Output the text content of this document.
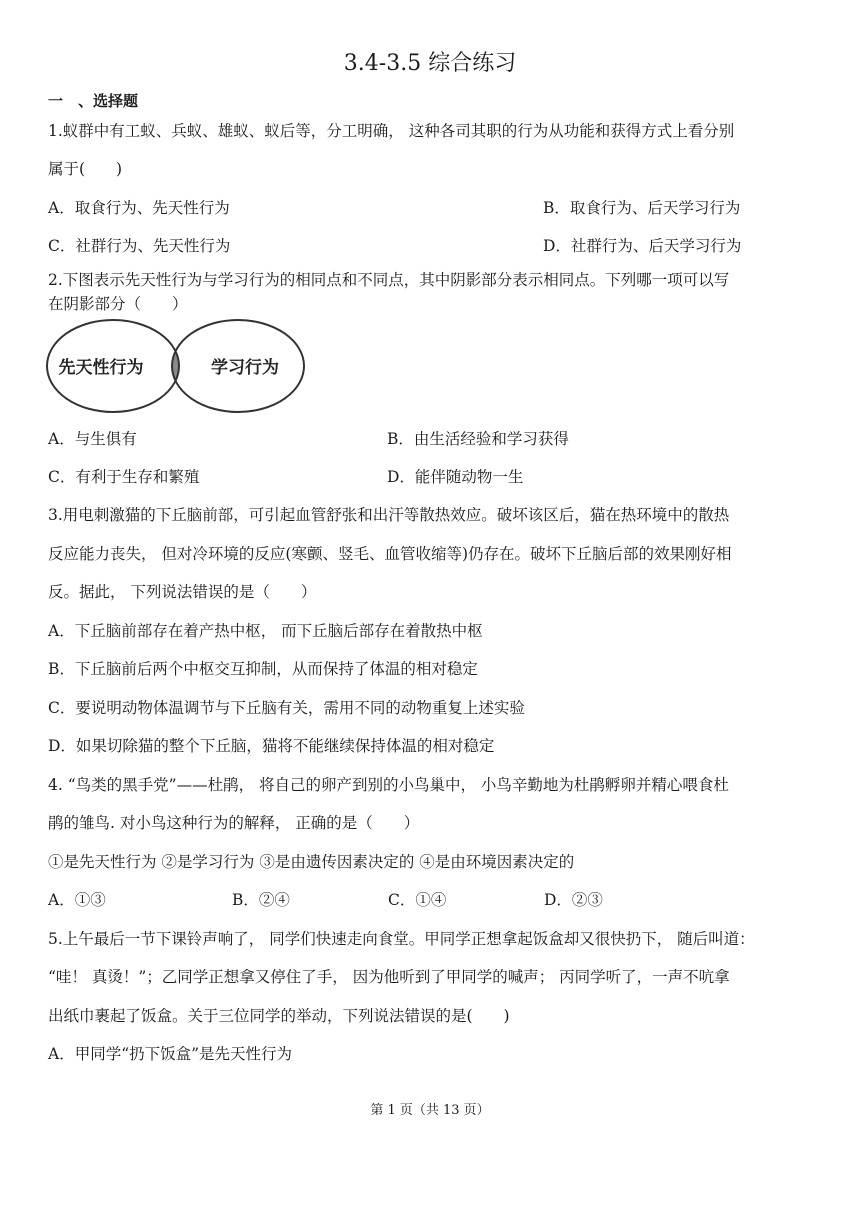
3.4-3.5 综合练习
一　、选择题
1.蚁群中有工蚁、兵蚁、雄蚁、蚁后等，分工明确， 这种各司其职的行为从功能和获得方式上看分别
属于(　　)
A．取食行为、先天性行为	B．取食行为、后天学习行为
C．社群行为、先天性行为	D．社群行为、后天学习行为
2.下图表示先天性行为与学习行为的相同点和不同点，其中阴影部分表示相同点。下列哪一项可以写
在阴影部分（　　）
先天性行为	学习行为
A．与生俱有	B．由生活经验和学习获得
C．有利于生存和繁殖	D．能伴随动物一生
3.用电刺激猫的下丘脑前部，可引起血管舒张和出汗等散热效应。破坏该区后，猫在热环境中的散热
反应能力丧失， 但对冷环境的反应(寒颤、竖毛、血管收缩等)仍存在。破坏下丘脑后部的效果刚好相
反。据此， 下列说法错误的是（　　）
A．下丘脑前部存在着产热中枢， 而下丘脑后部存在着散热中枢
B．下丘脑前后两个中枢交互抑制，从而保持了体温的相对稳定
C．要说明动物体温调节与下丘脑有关，需用不同的动物重复上述实验
D．如果切除猫的整个下丘脑，猫将不能继续保持体温的相对稳定
4. “鸟类的黑手党”——杜鹃， 将自己的卵产到别的小鸟巢中， 小鸟辛勤地为杜鹃孵卵并精心喂食杜
鹃的雏鸟. 对小鸟这种行为的解释， 正确的是（　　）
①是先天性行为 ②是学习行为 ③是由遗传因素决定的 ④是由环境因素决定的
A．①③	B．②④	C．①④	D．②③
5.上午最后一节下课铃声响了， 同学们快速走向食堂。甲同学正想拿起饭盒却又很快扔下， 随后叫道：
“哇！ 真烫！”；乙同学正想拿又停住了手， 因为他听到了甲同学的喊声； 丙同学听了，一声不吭拿
出纸巾裹起了饭盒。关于三位同学的举动，下列说法错误的是(　　)
A．甲同学“扔下饭盒”是先天性行为
第 1 页（共 13 页）
